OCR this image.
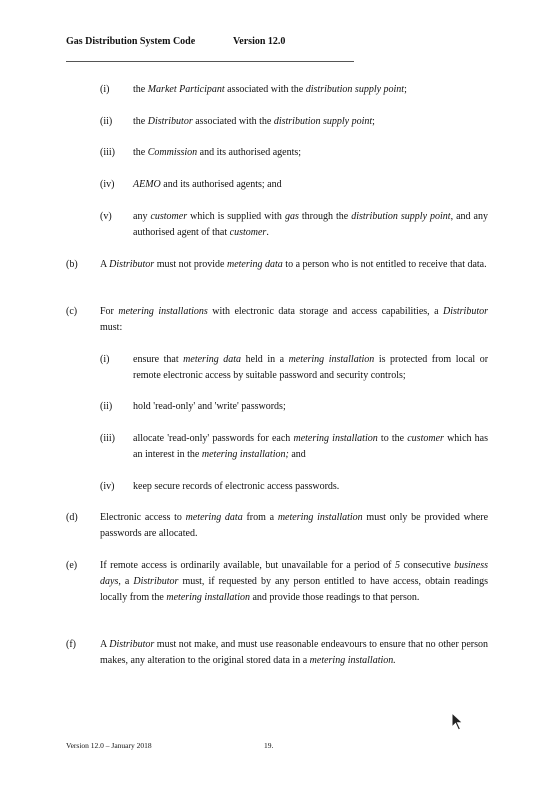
Gas Distribution System Code	Version 12.0
(i) the Market Participant associated with the distribution supply point;
(ii) the Distributor associated with the distribution supply point;
(iii) the Commission and its authorised agents;
(iv) AEMO and its authorised agents; and
(v) any customer which is supplied with gas through the distribution supply point, and any authorised agent of that customer.
(b) A Distributor must not provide metering data to a person who is not entitled to receive that data.
(c) For metering installations with electronic data storage and access capabilities, a Distributor must:
(i) ensure that metering data held in a metering installation is protected from local or remote electronic access by suitable password and security controls;
(ii) hold 'read-only' and 'write' passwords;
(iii) allocate 'read-only' passwords for each metering installation to the customer which has an interest in the metering installation; and
(iv) keep secure records of electronic access passwords.
(d) Electronic access to metering data from a metering installation must only be provided where passwords are allocated.
(e) If remote access is ordinarily available, but unavailable for a period of 5 consecutive business days, a Distributor must, if requested by any person entitled to have access, obtain readings locally from the metering installation and provide those readings to that person.
(f) A Distributor must not make, and must use reasonable endeavours to ensure that no other person makes, any alteration to the original stored data in a metering installation.
Version 12.0 – January 2018	19.
